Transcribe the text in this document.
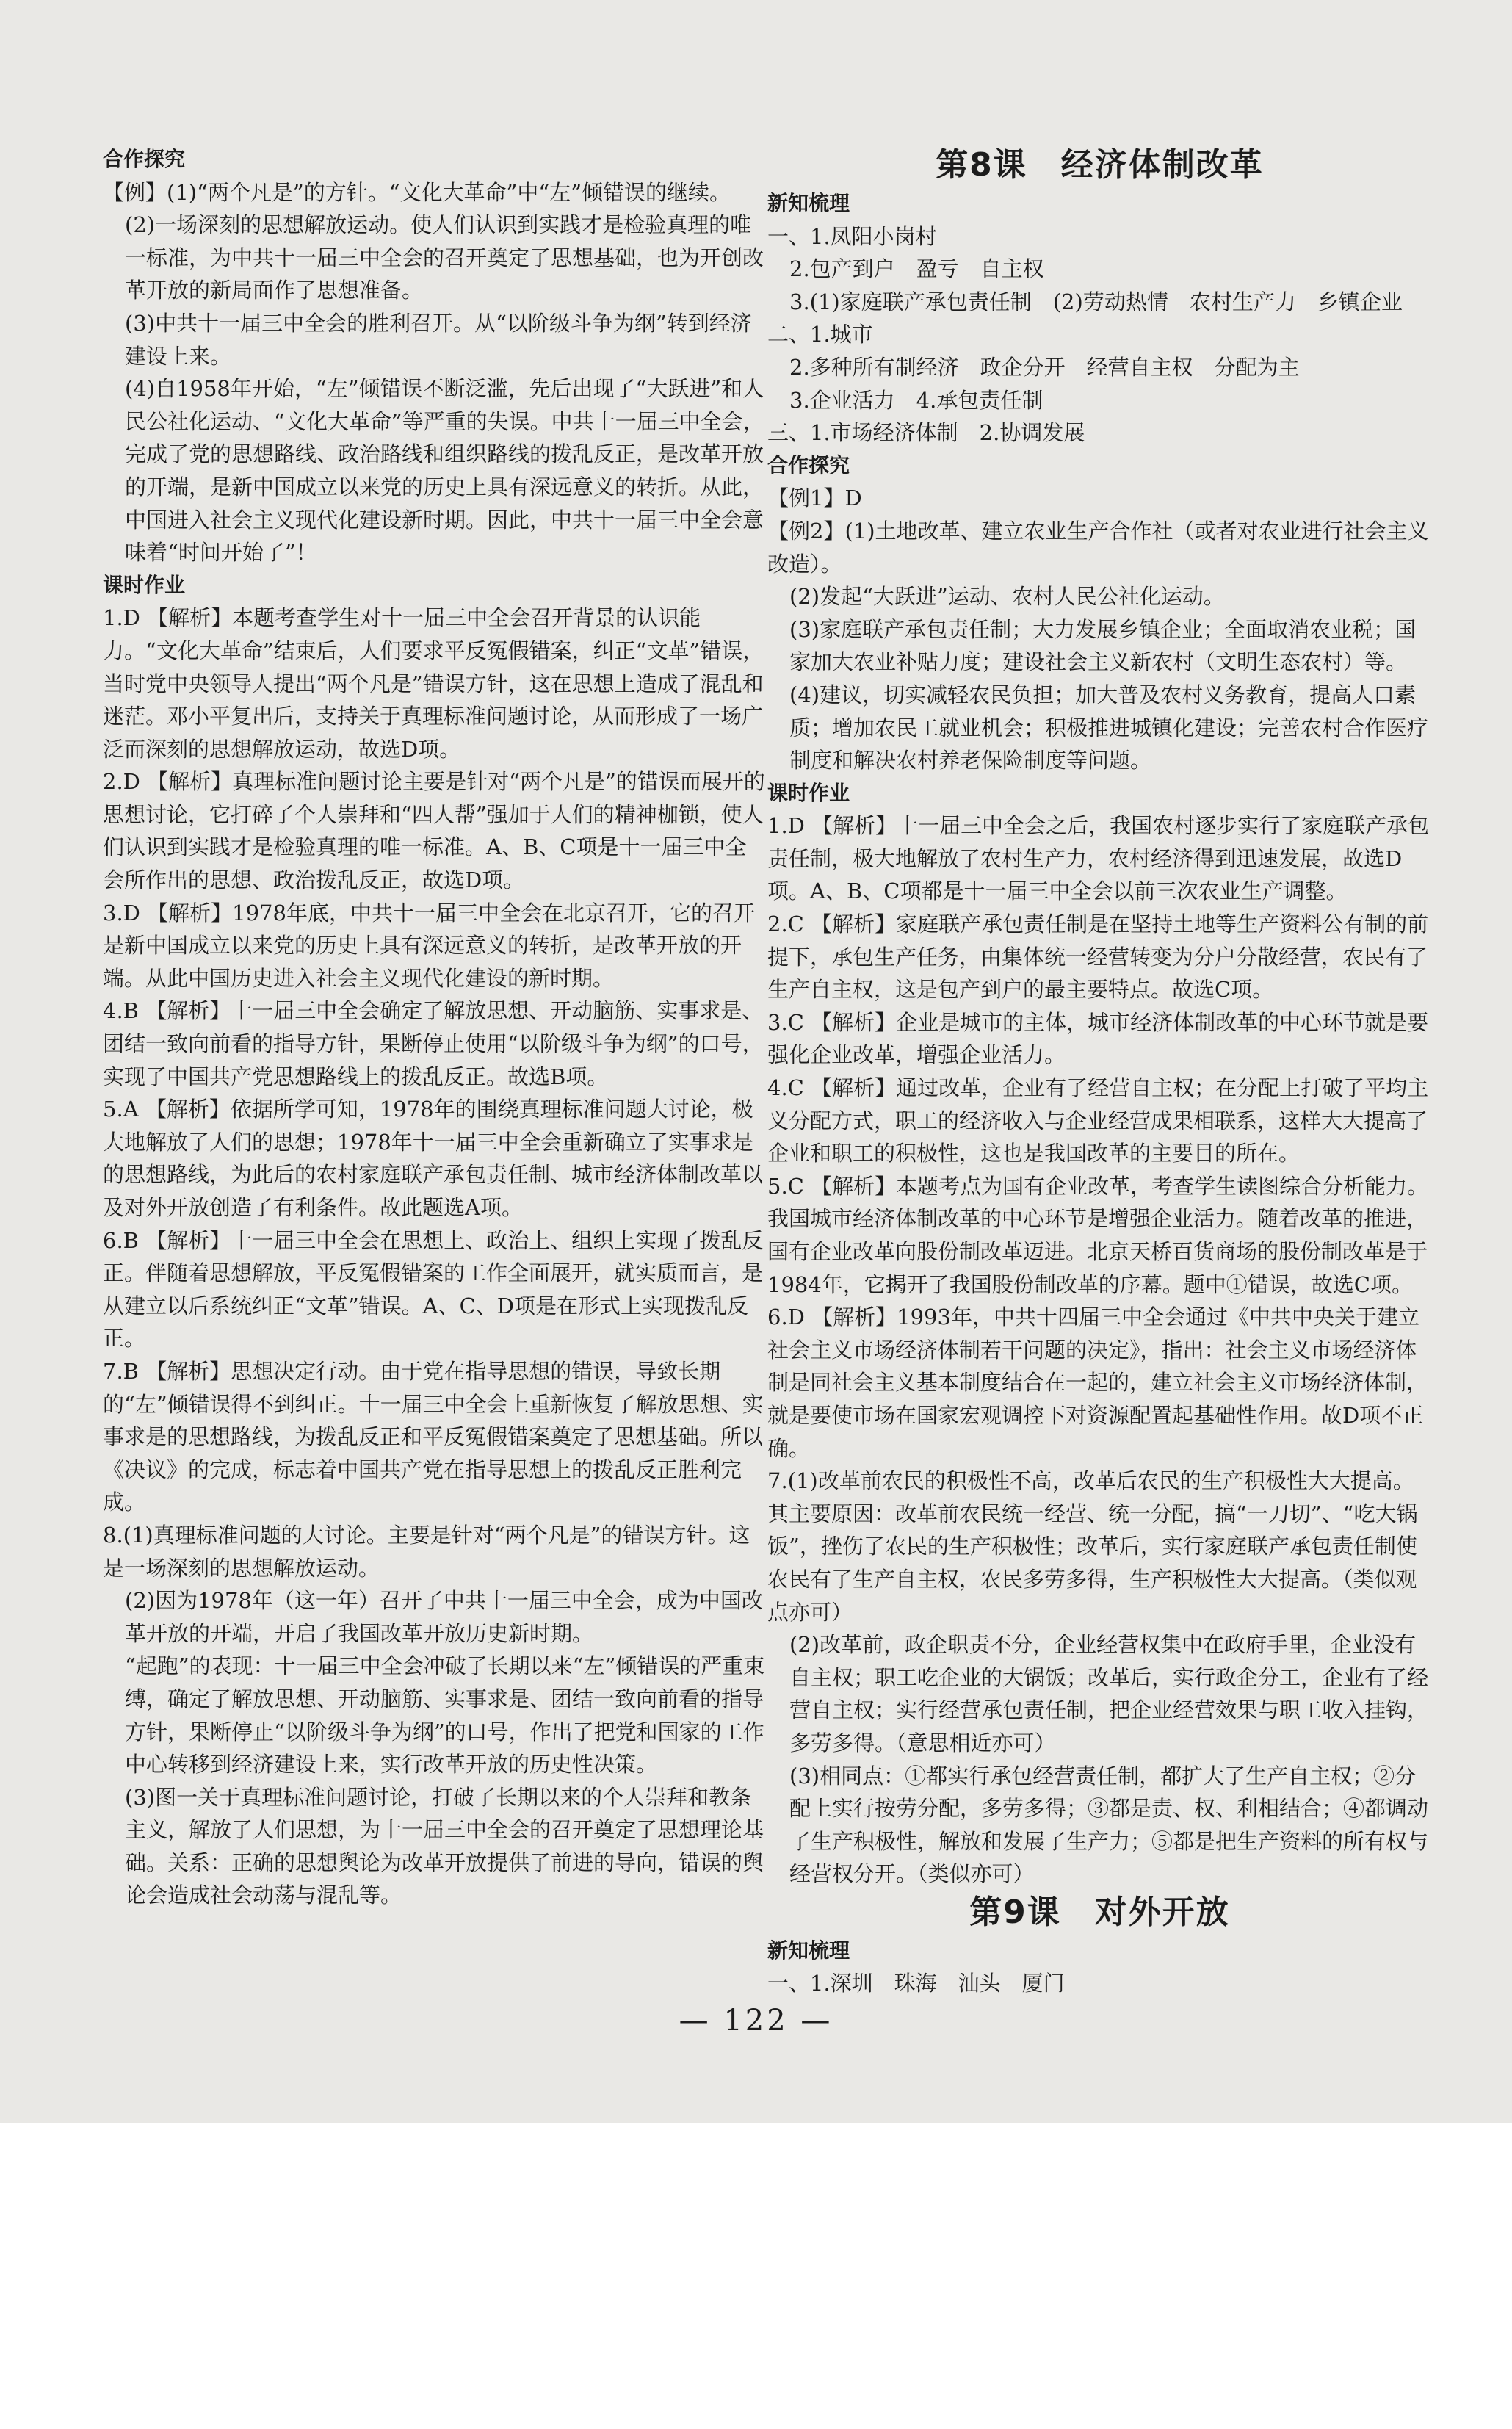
合作探究

【例】(1)“两个凡是”的方针。“文化大革命”中“左”倾错误的继续。

(2)一场深刻的思想解放运动。使人们认识到实践才是检验真理的唯一标准，为中共十一届三中全会的召开奠定了思想基础，也为开创改革开放的新局面作了思想准备。

(3)中共十一届三中全会的胜利召开。从“以阶级斗争为纲”转到经济建设上来。

(4)自1958年开始，“左”倾错误不断泛滥，先后出现了“大跃进”和人民公社化运动、“文化大革命”等严重的失误。中共十一届三中全会，完成了党的思想路线、政治路线和组织路线的拨乱反正，是改革开放的开端，是新中国成立以来党的历史上具有深远意义的转折。从此，中国进入社会主义现代化建设新时期。因此，中共十一届三中全会意味着“时间开始了”！

课时作业

1.D 【解析】本题考查学生对十一届三中全会召开背景的认识能力。“文化大革命”结束后，人们要求平反冤假错案，纠正“文革”错误，当时党中央领导人提出“两个凡是”错误方针，这在思想上造成了混乱和迷茫。邓小平复出后，支持关于真理标准问题讨论，从而形成了一场广泛而深刻的思想解放运动，故选D项。

2.D 【解析】真理标准问题讨论主要是针对“两个凡是”的错误而展开的思想讨论，它打碎了个人崇拜和“四人帮”强加于人们的精神枷锁，使人们认识到实践才是检验真理的唯一标准。A、B、C项是十一届三中全会所作出的思想、政治拨乱反正，故选D项。

3.D 【解析】1978年底，中共十一届三中全会在北京召开，它的召开是新中国成立以来党的历史上具有深远意义的转折，是改革开放的开端。从此中国历史进入社会主义现代化建设的新时期。

4.B 【解析】十一届三中全会确定了解放思想、开动脑筋、实事求是、团结一致向前看的指导方针，果断停止使用“以阶级斗争为纲”的口号，实现了中国共产党思想路线上的拨乱反正。故选B项。

5.A 【解析】依据所学可知，1978年的围绕真理标准问题大讨论，极大地解放了人们的思想；1978年十一届三中全会重新确立了实事求是的思想路线，为此后的农村家庭联产承包责任制、城市经济体制改革以及对外开放创造了有利条件。故此题选A项。

6.B 【解析】十一届三中全会在思想上、政治上、组织上实现了拨乱反正。伴随着思想解放，平反冤假错案的工作全面展开，就实质而言，是从建立以后系统纠正“文革”错误。A、C、D项是在形式上实现拨乱反正。

7.B 【解析】思想决定行动。由于党在指导思想的错误，导致长期的“左”倾错误得不到纠正。十一届三中全会上重新恢复了解放思想、实事求是的思想路线，为拨乱反正和平反冤假错案奠定了思想基础。所以《决议》的完成，标志着中国共产党在指导思想上的拨乱反正胜利完成。

8.(1)真理标准问题的大讨论。主要是针对“两个凡是”的错误方针。这是一场深刻的思想解放运动。

(2)因为1978年（这一年）召开了中共十一届三中全会，成为中国改革开放的开端，开启了我国改革开放历史新时期。

“起跑”的表现：十一届三中全会冲破了长期以来“左”倾错误的严重束缚，确定了解放思想、开动脑筋、实事求是、团结一致向前看的指导方针，果断停止“以阶级斗争为纲”的口号，作出了把党和国家的工作中心转移到经济建设上来，实行改革开放的历史性决策。

(3)图一关于真理标准问题讨论，打破了长期以来的个人崇拜和教条主义，解放了人们思想，为十一届三中全会的召开奠定了思想理论基础。关系：正确的思想舆论为改革开放提供了前进的导向，错误的舆论会造成社会动荡与混乱等。

第8课　经济体制改革

新知梳理

一、1.凤阳小岗村

2.包产到户　盈亏　自主权

3.(1)家庭联产承包责任制　(2)劳动热情　农村生产力　乡镇企业

二、1.城市

2.多种所有制经济　政企分开　经营自主权　分配为主

3.企业活力　4.承包责任制

三、1.市场经济体制　2.协调发展

合作探究

【例1】D

【例2】(1)土地改革、建立农业生产合作社（或者对农业进行社会主义改造）。

(2)发起“大跃进”运动、农村人民公社化运动。

(3)家庭联产承包责任制；大力发展乡镇企业；全面取消农业税；国家加大农业补贴力度；建设社会主义新农村（文明生态农村）等。

(4)建议，切实减轻农民负担；加大普及农村义务教育，提高人口素质；增加农民工就业机会；积极推进城镇化建设；完善农村合作医疗制度和解决农村养老保险制度等问题。

课时作业

1.D 【解析】十一届三中全会之后，我国农村逐步实行了家庭联产承包责任制，极大地解放了农村生产力，农村经济得到迅速发展，故选D项。A、B、C项都是十一届三中全会以前三次农业生产调整。

2.C 【解析】家庭联产承包责任制是在坚持土地等生产资料公有制的前提下，承包生产任务，由集体统一经营转变为分户分散经营，农民有了生产自主权，这是包产到户的最主要特点。故选C项。

3.C 【解析】企业是城市的主体，城市经济体制改革的中心环节就是要强化企业改革，增强企业活力。

4.C 【解析】通过改革，企业有了经营自主权；在分配上打破了平均主义分配方式，职工的经济收入与企业经营成果相联系，这样大大提高了企业和职工的积极性，这也是我国改革的主要目的所在。

5.C 【解析】本题考点为国有企业改革，考查学生读图综合分析能力。我国城市经济体制改革的中心环节是增强企业活力。随着改革的推进，国有企业改革向股份制改革迈进。北京天桥百货商场的股份制改革是于1984年，它揭开了我国股份制改革的序幕。题中①错误，故选C项。

6.D 【解析】1993年，中共十四届三中全会通过《中共中央关于建立社会主义市场经济体制若干问题的决定》，指出：社会主义市场经济体制是同社会主义基本制度结合在一起的，建立社会主义市场经济体制，就是要使市场在国家宏观调控下对资源配置起基础性作用。故D项不正确。

7.(1)改革前农民的积极性不高，改革后农民的生产积极性大大提高。其主要原因：改革前农民统一经营、统一分配，搞“一刀切”、“吃大锅饭”，挫伤了农民的生产积极性；改革后，实行家庭联产承包责任制使农民有了生产自主权，农民多劳多得，生产积极性大大提高。（类似观点亦可）

(2)改革前，政企职责不分，企业经营权集中在政府手里，企业没有自主权；职工吃企业的大锅饭；改革后，实行政企分工，企业有了经营自主权；实行经营承包责任制，把企业经营效果与职工收入挂钩，多劳多得。（意思相近亦可）

(3)相同点：①都实行承包经营责任制，都扩大了生产自主权；②分配上实行按劳分配，多劳多得；③都是责、权、利相结合；④都调动了生产积极性，解放和发展了生产力；⑤都是把生产资料的所有权与经营权分开。（类似亦可）

第9课　对外开放

新知梳理

一、1.深圳　珠海　汕头　厦门

— 122 —
